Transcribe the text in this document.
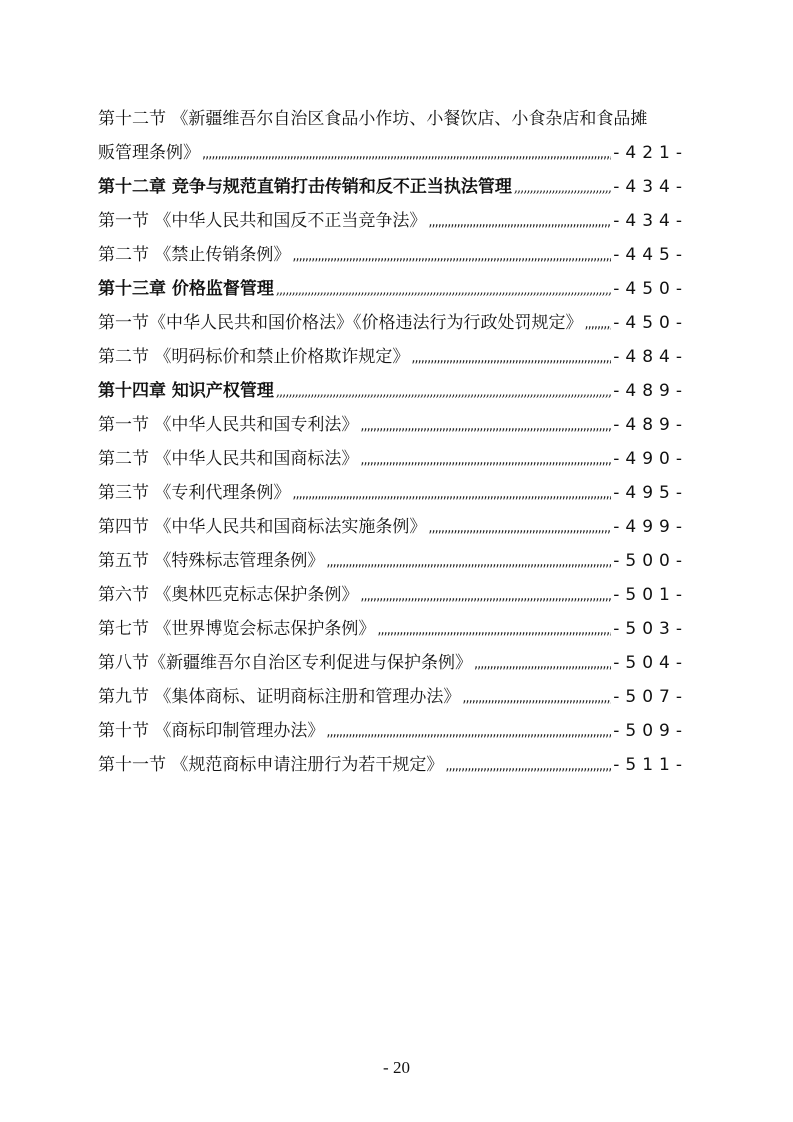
第十二节 《新疆维吾尔自治区食品小作坊、小餐饮店、小食杂店和食品摊
贩管理条例》 ,,,,,,,,,,,,,,,,,,,,,,,,,,,,,,,,,,,,,,,,,,,,,,,,,,,,,,,,,,,,,,,,,,,,,,,,,,,,,,,,,,,,,,,,,,,,,,,,,,,,,,,,,,,,,,,,,,,,,,,,,,,,,,,,,,,,,,,,,,,,,,,,,,,	-421-
第十二章 竞争与规范直销打击传销和反不正当执法管理 ,,,,,,,,,,,,,,,,,,,,,,,,,,,,,,,,,,,,,,,,,,,,,,,,,,,,,,,,,,,,,,,,,,,,,,,,,,,,,,,,,,,,,,,,,,,,,,,,,,,,,,,,,,,,,,,,,,,,,,,,,,,,,,,,,,,,,,,,,,,,,,,,,,,	-434-
第一节 《中华人民共和国反不正当竞争法》 ,,,,,,,,,,,,,,,,,,,,,,,,,,,,,,,,,,,,,,,,,,,,,,,,,,,,,,,,,,,,,,,,,,,,,,,,,,,,,,,,,,,,,,,,,,,,,,,,,,,,,,,,,,,,,,,,,,,,,,,,,,,,,,,,,,,,,,,,,,,,,,,,,,,	-434-
第二节 《禁止传销条例》 ,,,,,,,,,,,,,,,,,,,,,,,,,,,,,,,,,,,,,,,,,,,,,,,,,,,,,,,,,,,,,,,,,,,,,,,,,,,,,,,,,,,,,,,,,,,,,,,,,,,,,,,,,,,,,,,,,,,,,,,,,,,,,,,,,,,,,,,,,,,,,,,,,,,	-445-
第十三章 价格监督管理 ,,,,,,,,,,,,,,,,,,,,,,,,,,,,,,,,,,,,,,,,,,,,,,,,,,,,,,,,,,,,,,,,,,,,,,,,,,,,,,,,,,,,,,,,,,,,,,,,,,,,,,,,,,,,,,,,,,,,,,,,,,,,,,,,,,,,,,,,,,,,,,,,,,,	-450-
第一节《中华人民共和国价格法》《价格违法行为行政处罚规定》 ,,,,,,,,,,,,,,,,,,,,,,,,,,,,,,,,,,,,,,,,,,,,,,,,,,,,,,,,,,,,,,,,,,,,,,,,,,,,,,,,,,,,,,,,,,,,,,,,,,,,,,,,,,,,,,,,,,,,,,,,,,,,,,,,,,,,,,,,,,,,,,,,,,, -450-
第二节 《明码标价和禁止价格欺诈规定》 ,,,,,,,,,,,,,,,,,,,,,,,,,,,,,,,,,,,,,,,,,,,,,,,,,,,,,,,,,,,,,,,,,,,,,,,,,,,,,,,,,,,,,,,,,,,,,,,,,,,,,,,,,,,,,,,,,,,,,,,,,,,,,,,,,,,,,,,,,,,,,,,,,,,	-484-
第十四章 知识产权管理 ,,,,,,,,,,,,,,,,,,,,,,,,,,,,,,,,,,,,,,,,,,,,,,,,,,,,,,,,,,,,,,,,,,,,,,,,,,,,,,,,,,,,,,,,,,,,,,,,,,,,,,,,,,,,,,,,,,,,,,,,,,,,,,,,,,,,,,,,,,,,,,,,,,,	-489-
第一节 《中华人民共和国专利法》 ,,,,,,,,,,,,,,,,,,,,,,,,,,,,,,,,,,,,,,,,,,,,,,,,,,,,,,,,,,,,,,,,,,,,,,,,,,,,,,,,,,,,,,,,,,,,,,,,,,,,,,,,,,,,,,,,,,,,,,,,,,,,,,,,,,,,,,,,,,,,,,,,,,,	-489-
第二节 《中华人民共和国商标法》 ,,,,,,,,,,,,,,,,,,,,,,,,,,,,,,,,,,,,,,,,,,,,,,,,,,,,,,,,,,,,,,,,,,,,,,,,,,,,,,,,,,,,,,,,,,,,,,,,,,,,,,,,,,,,,,,,,,,,,,,,,,,,,,,,,,,,,,,,,,,,,,,,,,,	-490-
第三节 《专利代理条例》 ,,,,,,,,,,,,,,,,,,,,,,,,,,,,,,,,,,,,,,,,,,,,,,,,,,,,,,,,,,,,,,,,,,,,,,,,,,,,,,,,,,,,,,,,,,,,,,,,,,,,,,,,,,,,,,,,,,,,,,,,,,,,,,,,,,,,,,,,,,,,,,,,,,,	-495-
第四节 《中华人民共和国商标法实施条例》 ,,,,,,,,,,,,,,,,,,,,,,,,,,,,,,,,,,,,,,,,,,,,,,,,,,,,,,,,,,,,,,,,,,,,,,,,,,,,,,,,,,,,,,,,,,,,,,,,,,,,,,,,,,,,,,,,,,,,,,,,,,,,,,,,,,,,,,,,,,,,,,,,,,,	-499-
第五节 《特殊标志管理条例》 ,,,,,,,,,,,,,,,,,,,,,,,,,,,,,,,,,,,,,,,,,,,,,,,,,,,,,,,,,,,,,,,,,,,,,,,,,,,,,,,,,,,,,,,,,,,,,,,,,,,,,,,,,,,,,,,,,,,,,,,,,,,,,,,,,,,,,,,,,,,,,,,,,,,	-500-
第六节 《奥林匹克标志保护条例》 ,,,,,,,,,,,,,,,,,,,,,,,,,,,,,,,,,,,,,,,,,,,,,,,,,,,,,,,,,,,,,,,,,,,,,,,,,,,,,,,,,,,,,,,,,,,,,,,,,,,,,,,,,,,,,,,,,,,,,,,,,,,,,,,,,,,,,,,,,,,,,,,,,,,	-501-
第七节 《世界博览会标志保护条例》 ,,,,,,,,,,,,,,,,,,,,,,,,,,,,,,,,,,,,,,,,,,,,,,,,,,,,,,,,,,,,,,,,,,,,,,,,,,,,,,,,,,,,,,,,,,,,,,,,,,,,,,,,,,,,,,,,,,,,,,,,,,,,,,,,,,,,,,,,,,,,,,,,,,,	-503-
第八节《新疆维吾尔自治区专利促进与保护条例》 ,,,,,,,,,,,,,,,,,,,,,,,,,,,,,,,,,,,,,,,,,,,,,,,,,,,,,,,,,,,,,,,,,,,,,,,,,,,,,,,,,,,,,,,,,,,,,,,,,,,,,,,,,,,,,,,,,,,,,,,,,,,,,,,,,,,,,,,,,,,,,,,,,,,	-504-
第九节 《集体商标、证明商标注册和管理办法》 ,,,,,,,,,,,,,,,,,,,,,,,,,,,,,,,,,,,,,,,,,,,,,,,,,,,,,,,,,,,,,,,,,,,,,,,,,,,,,,,,,,,,,,,,,,,,,,,,,,,,,,,,,,,,,,,,,,,,,,,,,,,,,,,,,,,,,,,,,,,,,,,,,,,	-507-
第十节 《商标印制管理办法》 ,,,,,,,,,,,,,,,,,,,,,,,,,,,,,,,,,,,,,,,,,,,,,,,,,,,,,,,,,,,,,,,,,,,,,,,,,,,,,,,,,,,,,,,,,,,,,,,,,,,,,,,,,,,,,,,,,,,,,,,,,,,,,,,,,,,,,,,,,,,,,,,,,,,	-509-
第十一节 《规范商标申请注册行为若干规定》 ,,,,,,,,,,,,,,,,,,,,,,,,,,,,,,,,,,,,,,,,,,,,,,,,,,,,,,,,,,,,,,,,,,,,,,,,,,,,,,,,,,,,,,,,,,,,,,,,,,,,,,,,,,,,,,,,,,,,,,,,,,,,,,,,,,,,,,,,,,,,,,,,,,,	-511-
- 20
